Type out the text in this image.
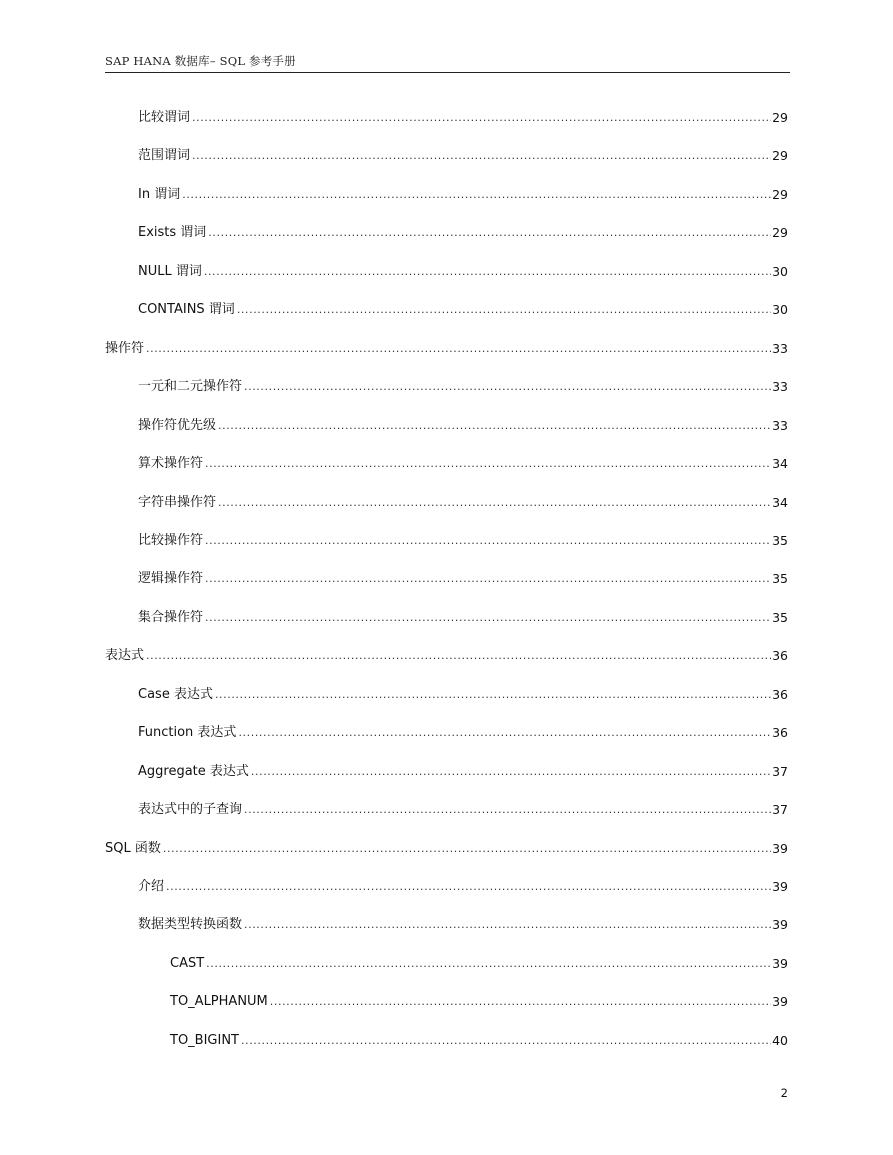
SAP HANA 数据库– SQL 参考手册
比较谓词 .....	29
范围谓词 .....	29
In 谓词 .....	29
Exists 谓词 .....	29
NULL 谓词 .....	30
CONTAINS 谓词 .....	30
操作符 .....	33
一元和二元操作符 .....	33
操作符优先级 .....	33
算术操作符 .....	34
字符串操作符 .....	34
比较操作符 .....	35
逻辑操作符 .....	35
集合操作符 .....	35
表达式 .....	36
Case 表达式 .....	36
Function 表达式 .....	36
Aggregate 表达式 .....	37
表达式中的子查询 .....	37
SQL 函数 .....	39
介绍 .....	39
数据类型转换函数 .....	39
CAST .....	39
TO_ALPHANUM .....	39
TO_BIGINT .....	40
2
